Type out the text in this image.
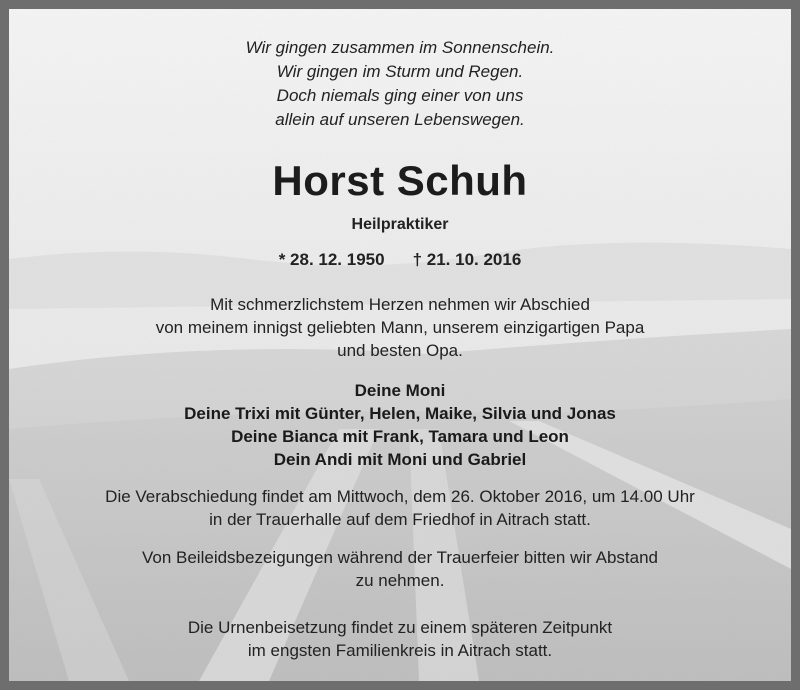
Wir gingen zusammen im Sonnenschein.
Wir gingen im Sturm und Regen.
Doch niemals ging einer von uns
allein auf unseren Lebenswegen.
Horst Schuh
Heilpraktiker
* 28. 12. 1950 † 21. 10. 2016
Mit schmerzlichstem Herzen nehmen wir Abschied
von meinem innigst geliebten Mann, unserem einzigartigen Papa
und besten Opa.
Deine Moni
Deine Trixi mit Günter, Helen, Maike, Silvia und Jonas
Deine Bianca mit Frank, Tamara und Leon
Dein Andi mit Moni und Gabriel
Die Verabschiedung findet am Mittwoch, dem 26. Oktober 2016, um 14.00 Uhr
in der Trauerhalle auf dem Friedhof in Aitrach statt.
Von Beileidsbezeigungen während der Trauerfeier bitten wir Abstand
zu nehmen.
Die Urnenbeisetzung findet zu einem späteren Zeitpunkt
im engsten Familienkreis in Aitrach statt.
